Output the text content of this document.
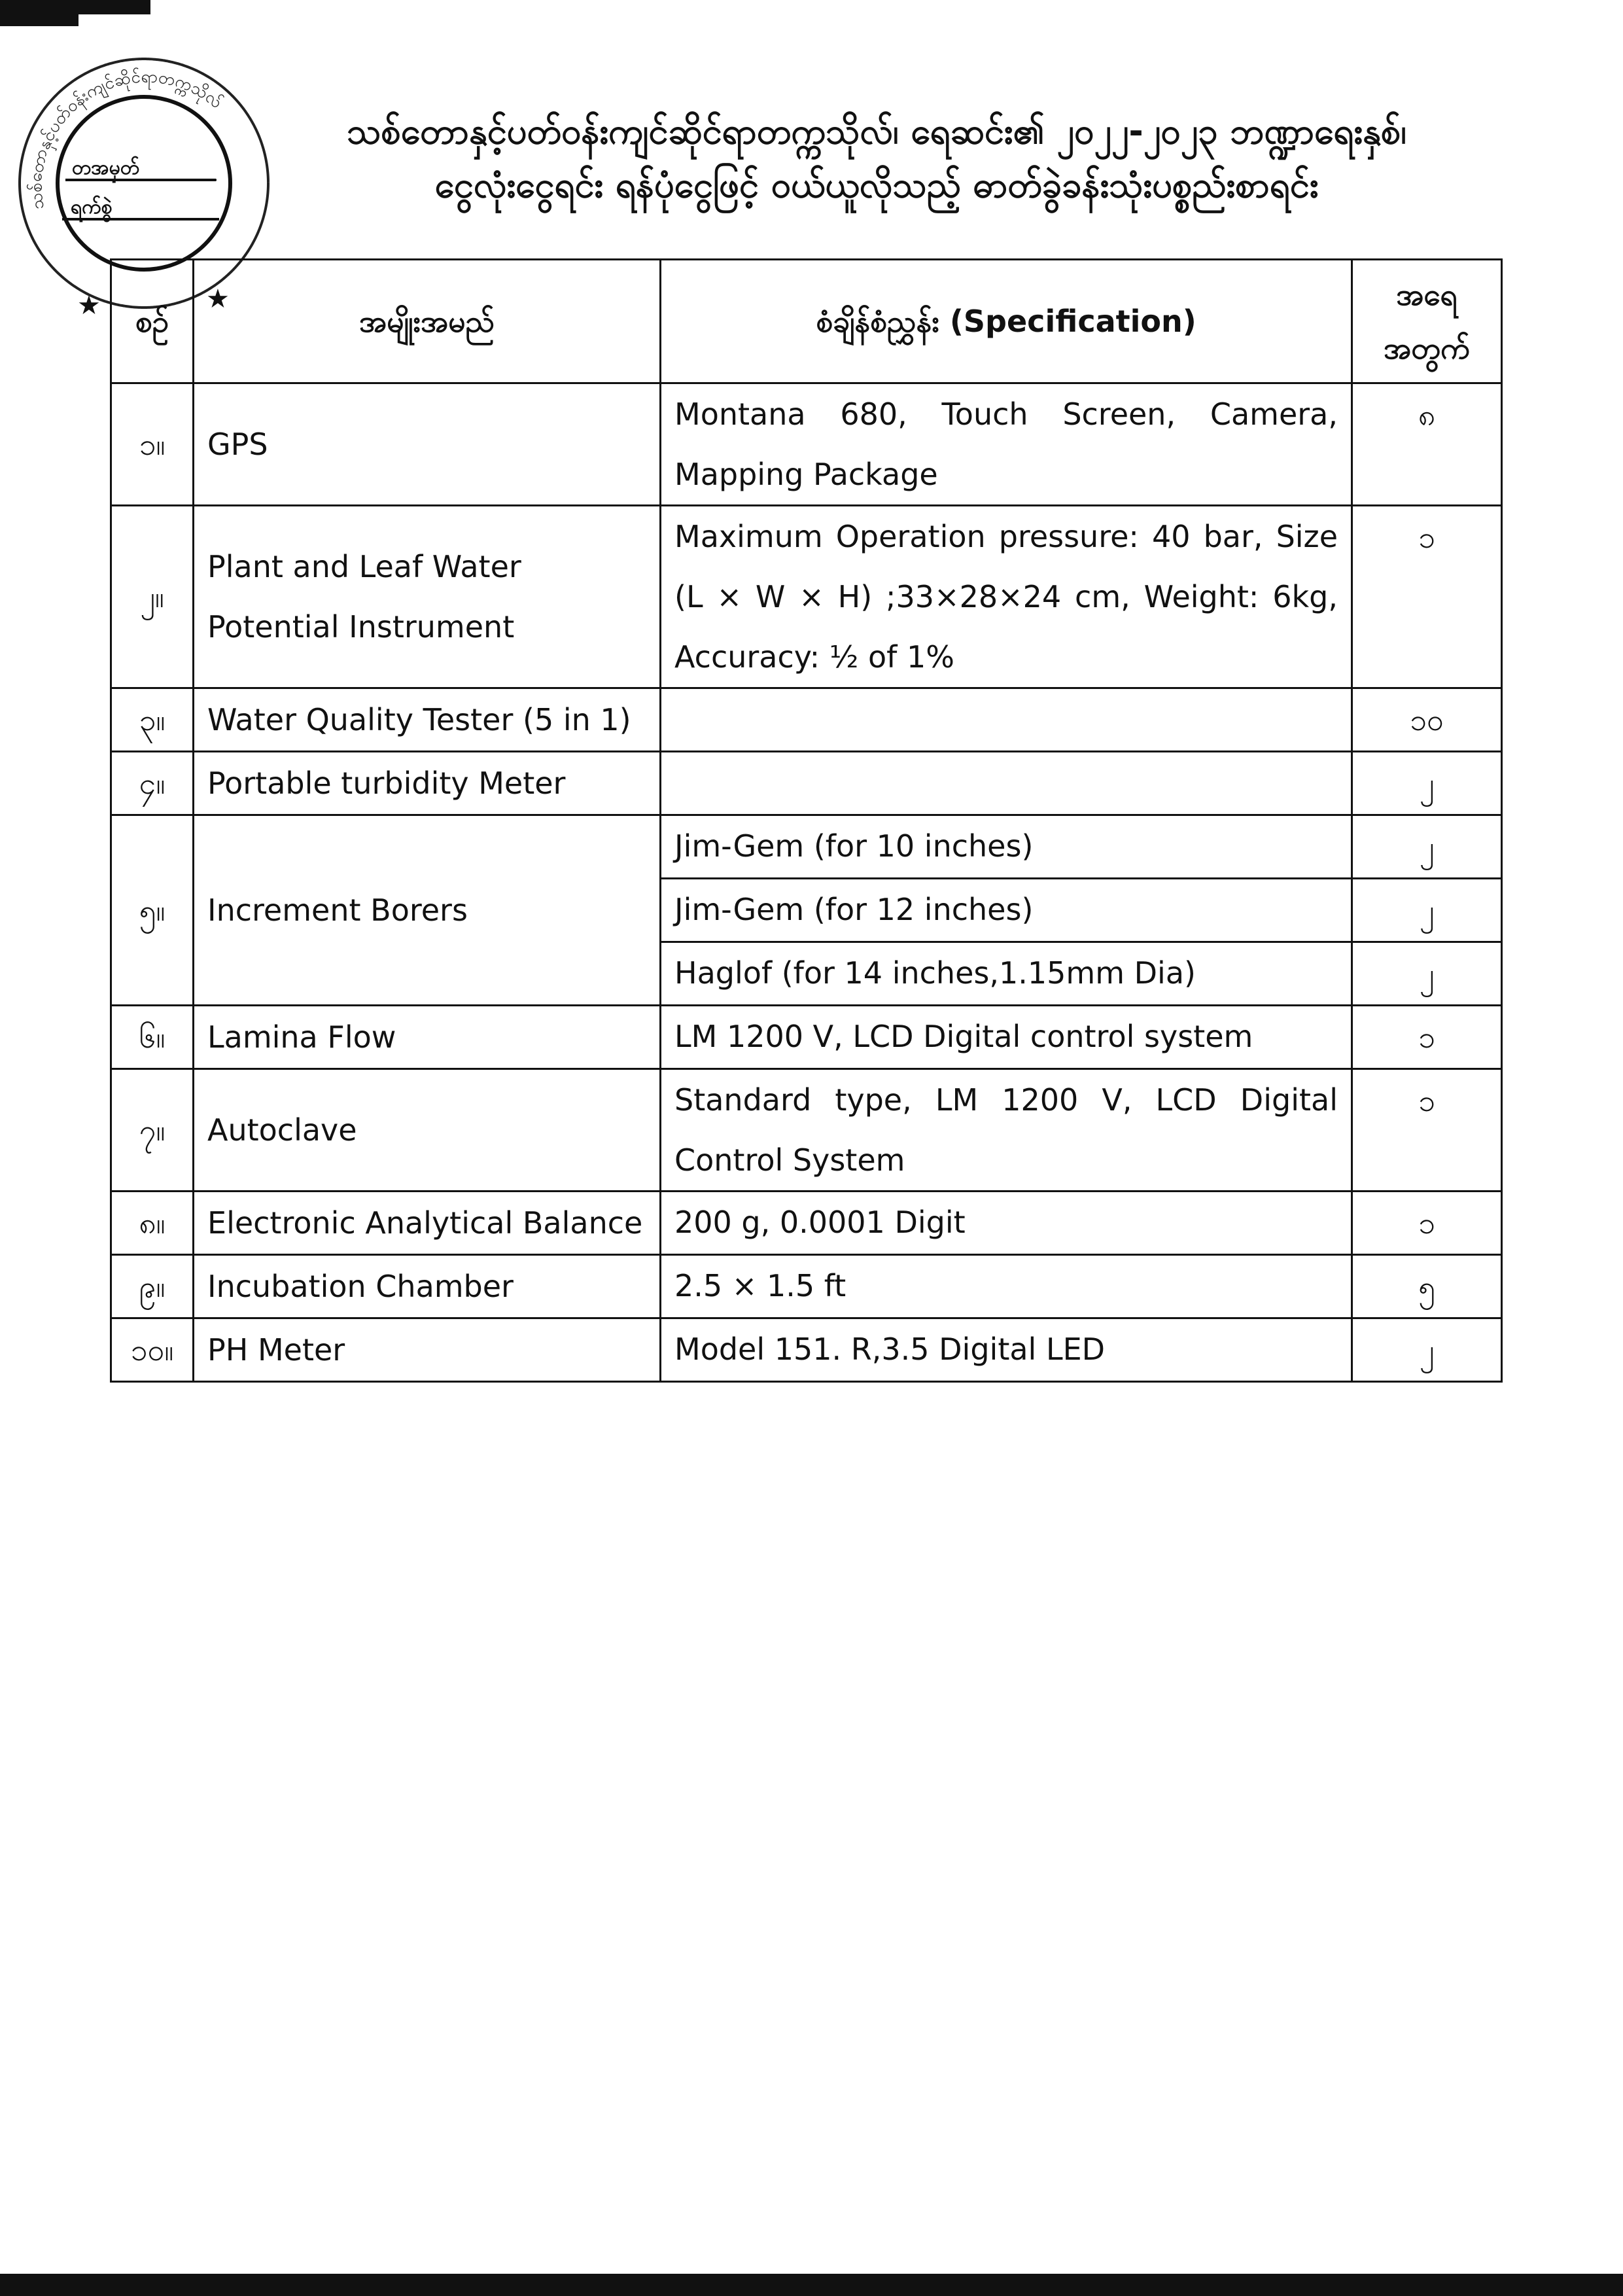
တအမှတ်
ရက်စွဲ
★	★
သစ်တောနှင့်ပတ်ဝန်းကျင်ဆိုင်ရာတက္ကသိုလ်
သစ်တောနှင့်ပတ်ဝန်းကျင်ဆိုင်ရာတက္ကသိုလ်၊ ရေဆင်း၏ ၂၀၂၂-၂၀၂၃ ဘဏ္ဍာရေးနှစ်၊
ငွေလုံးငွေရင်း ရန်ပုံငွေဖြင့် ဝယ်ယူလိုသည့် ဓာတ်ခွဲခန်းသုံးပစ္စည်းစာရင်း
စဉ်	အမျိုးအမည်	စံချိန်စံညွှန်း (Specification)	အရေ အတွက်
၁။	GPS	Montana 680, Touch Screen, Camera, Mapping Package	၈
၂။	Plant and Leaf Water Potential Instrument	Maximum Operation pressure: 40 bar, Size (L × W × H) ;33×28×24 cm, Weight: 6kg, Accuracy: ½ of 1%	၁
၃။	Water Quality Tester (5 in 1)		၁၀
၄။	Portable turbidity Meter		၂
၅။	Increment Borers	Jim-Gem (for 10 inches)	၂
		Jim-Gem (for 12 inches)	၂
		Haglof (for 14 inches,1.15mm Dia)	၂
၆။	Lamina Flow	LM 1200 V, LCD Digital control system	၁
၇။	Autoclave	Standard type, LM 1200 V, LCD Digital Control System	၁
၈။	Electronic Analytical Balance	200 g, 0.0001 Digit	၁
၉။	Incubation Chamber	2.5 × 1.5 ft	၅
၁၀။	PH Meter	Model 151. R,3.5 Digital LED	၂
